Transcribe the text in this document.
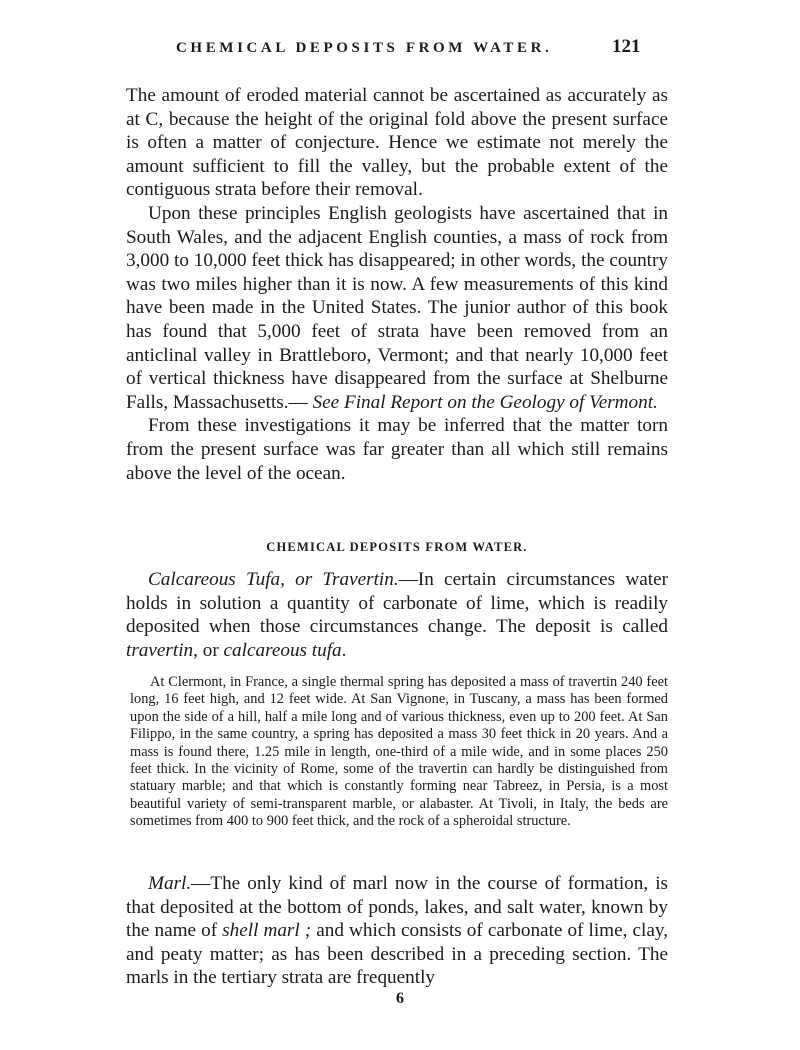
CHEMICAL DEPOSITS FROM WATER.	121

The amount of eroded material cannot be ascertained as accurately as at C, because the height of the original fold above the present surface is often a matter of conjecture. Hence we estimate not merely the amount sufficient to fill the valley, but the probable extent of the contiguous strata before their removal.

Upon these principles English geologists have ascertained that in South Wales, and the adjacent English counties, a mass of rock from 3,000 to 10,000 feet thick has disappeared; in other words, the country was two miles higher than it is now. A few measurements of this kind have been made in the United States. The junior author of this book has found that 5,000 feet of strata have been removed from an anticlinal valley in Brattleboro, Vermont; and that nearly 10,000 feet of vertical thickness have disappeared from the surface at Shelburne Falls, Massachusetts.— See Final Report on the Geology of Vermont.

From these investigations it may be inferred that the matter torn from the present surface was far greater than all which still remains above the level of the ocean.

CHEMICAL DEPOSITS FROM WATER.

Calcareous Tufa, or Travertin.—In certain circumstances water holds in solution a quantity of carbonate of lime, which is readily deposited when those circumstances change. The deposit is called travertin, or calcareous tufa.

At Clermont, in France, a single thermal spring has deposited a mass of travertin 240 feet long, 16 feet high, and 12 feet wide. At San Vignone, in Tuscany, a mass has been formed upon the side of a hill, half a mile long and of various thickness, even up to 200 feet. At San Filippo, in the same country, a spring has deposited a mass 30 feet thick in 20 years. And a mass is found there, 1.25 mile in length, one-third of a mile wide, and in some places 250 feet thick. In the vicinity of Rome, some of the travertin can hardly be distinguished from statuary marble; and that which is constantly forming near Tabreez, in Persia, is a most beautiful variety of semi-transparent marble, or alabaster. At Tivoli, in Italy, the beds are sometimes from 400 to 900 feet thick, and the rock of a spheroidal structure.

Marl.—The only kind of marl now in the course of formation, is that deposited at the bottom of ponds, lakes, and salt water, known by the name of shell marl ; and which consists of carbonate of lime, clay, and peaty matter; as has been described in a preceding section. The marls in the tertiary strata are frequently

6
